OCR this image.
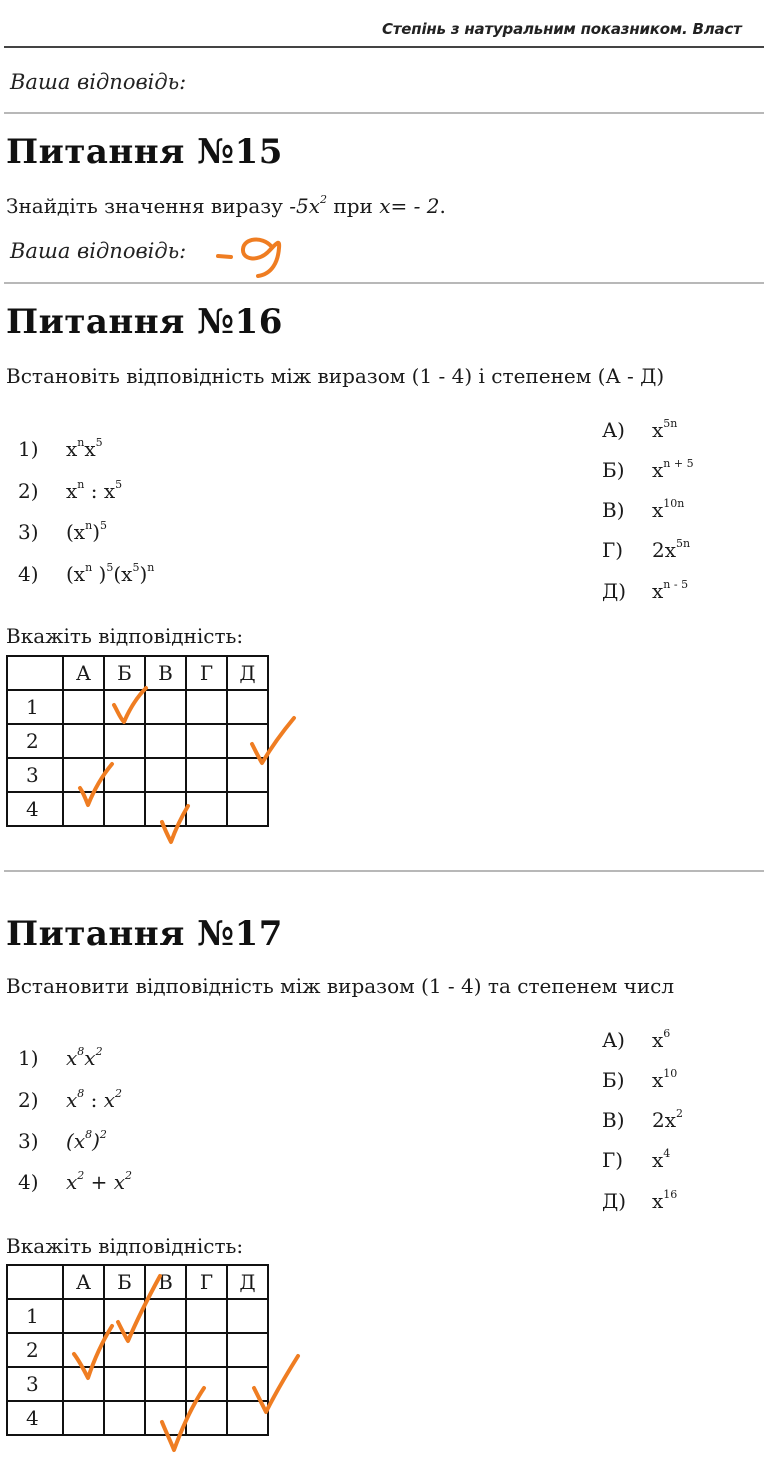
Степінь з натуральним показником. Власт
Ваша відповідь:
Питання №15
Знайдіть значення виразу $-5x^2$ при x= - 2.
Ваша відповідь:
Питання №16
Встановіть відповідність між виразом (1 - 4) і степенем (А - Д)
1) $x^nx^5$
2) $x^n$ : $x^5$
3) $(x^n)^5$
4) ($x^n$ )$^5(x^5)^n$
А) $x^{5n}$
Б) $x^{n + 5}$
В) $x^{10n}$
Г) $2x^{5n}$
Д) $x^{n - 5}$
Вкажіть відповідність:
	А	Б	В	Г	Д
1					
2					
3					
4					
Питання №17
Встановити відповідність між виразом (1 - 4) та степенем числ
1) $x^8x^2$
2) $x^8$ : $x^2$
3) $(x^8)^2$
4) $x^2 + x^2$
А) $x^6$
Б) $x^{10}$
В) $2x^2$
Г) $x^4$
Д) $x^{16}$
Вкажіть відповідність:
	А	Б	В	Г	Д
1					
2					
3					
4					
